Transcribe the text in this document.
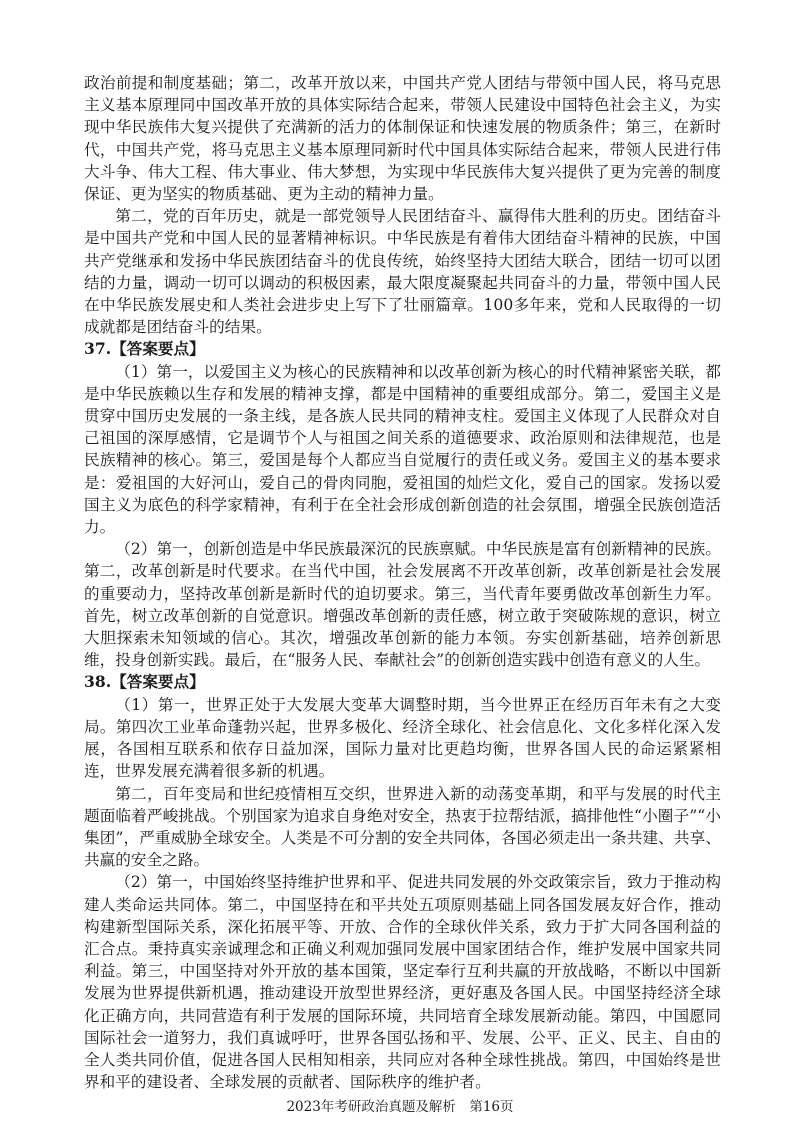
政治前提和制度基础；第二，改革开放以来，中国共产党人团结与带领中国人民，将马克思主义基本原理同中国改革开放的具体实际结合起来，带领人民建设中国特色社会主义，为实现中华民族伟大复兴提供了充满新的活力的体制保证和快速发展的物质条件；第三，在新时代，中国共产党，将马克思主义基本原理同新时代中国具体实际结合起来，带领人民进行伟大斗争、伟大工程、伟大事业、伟大梦想，为实现中华民族伟大复兴提供了更为完善的制度保证、更为坚实的物质基础、更为主动的精神力量。

第二，党的百年历史，就是一部党领导人民团结奋斗、赢得伟大胜利的历史。团结奋斗是中国共产党和中国人民的显著精神标识。中华民族是有着伟大团结奋斗精神的民族，中国共产党继承和发扬中华民族团结奋斗的优良传统，始终坚持大团结大联合，团结一切可以团结的力量，调动一切可以调动的积极因素，最大限度凝聚起共同奋斗的力量，带领中国人民在中华民族发展史和人类社会进步史上写下了壮丽篇章。100多年来，党和人民取得的一切成就都是团结奋斗的结果。

37.【答案要点】

（1）第一，以爱国主义为核心的民族精神和以改革创新为核心的时代精神紧密关联，都是中华民族赖以生存和发展的精神支撑，都是中国精神的重要组成部分。第二，爱国主义是贯穿中国历史发展的一条主线，是各族人民共同的精神支柱。爱国主义体现了人民群众对自己祖国的深厚感情，它是调节个人与祖国之间关系的道德要求、政治原则和法律规范，也是民族精神的核心。第三，爱国是每个人都应当自觉履行的责任或义务。爱国主义的基本要求是：爱祖国的大好河山，爱自己的骨肉同胞，爱祖国的灿烂文化，爱自己的国家。发扬以爱国主义为底色的科学家精神，有利于在全社会形成创新创造的社会氛围，增强全民族创造活力。

（2）第一，创新创造是中华民族最深沉的民族禀赋。中华民族是富有创新精神的民族。第二，改革创新是时代要求。在当代中国，社会发展离不开改革创新，改革创新是社会发展的重要动力，坚持改革创新是新时代的迫切要求。第三，当代青年要勇做改革创新生力军。首先，树立改革创新的自觉意识。增强改革创新的责任感，树立敢于突破陈规的意识，树立大胆探索未知领域的信心。其次，增强改革创新的能力本领。夯实创新基础，培养创新思维，投身创新实践。最后，在“服务人民、奉献社会”的创新创造实践中创造有意义的人生。

38.【答案要点】

（1）第一，世界正处于大发展大变革大调整时期，当今世界正在经历百年未有之大变局。第四次工业革命蓬勃兴起，世界多极化、经济全球化、社会信息化、文化多样化深入发展，各国相互联系和依存日益加深，国际力量对比更趋均衡，世界各国人民的命运紧紧相连，世界发展充满着很多新的机遇。

第二，百年变局和世纪疫情相互交织，世界进入新的动荡变革期，和平与发展的时代主题面临着严峻挑战。个别国家为追求自身绝对安全，热衷于拉帮结派，搞排他性“小圈子”“小集团”，严重威胁全球安全。人类是不可分割的安全共同体，各国必须走出一条共建、共享、共赢的安全之路。

（2）第一，中国始终坚持维护世界和平、促进共同发展的外交政策宗旨，致力于推动构建人类命运共同体。第二，中国坚持在和平共处五项原则基础上同各国发展友好合作，推动构建新型国际关系，深化拓展平等、开放、合作的全球伙伴关系，致力于扩大同各国利益的汇合点。秉持真实亲诚理念和正确义利观加强同发展中国家团结合作，维护发展中国家共同利益。第三，中国坚持对外开放的基本国策，坚定奉行互利共赢的开放战略，不断以中国新发展为世界提供新机遇，推动建设开放型世界经济，更好惠及各国人民。中国坚持经济全球化正确方向，共同营造有利于发展的国际环境，共同培育全球发展新动能。第四，中国愿同国际社会一道努力，我们真诚呼吁，世界各国弘扬和平、发展、公平、正义、民主、自由的全人类共同价值，促进各国人民相知相亲，共同应对各种全球性挑战。第四，中国始终是世界和平的建设者、全球发展的贡献者、国际秩序的维护者。

2023年考研政治真题及解析　第16页
